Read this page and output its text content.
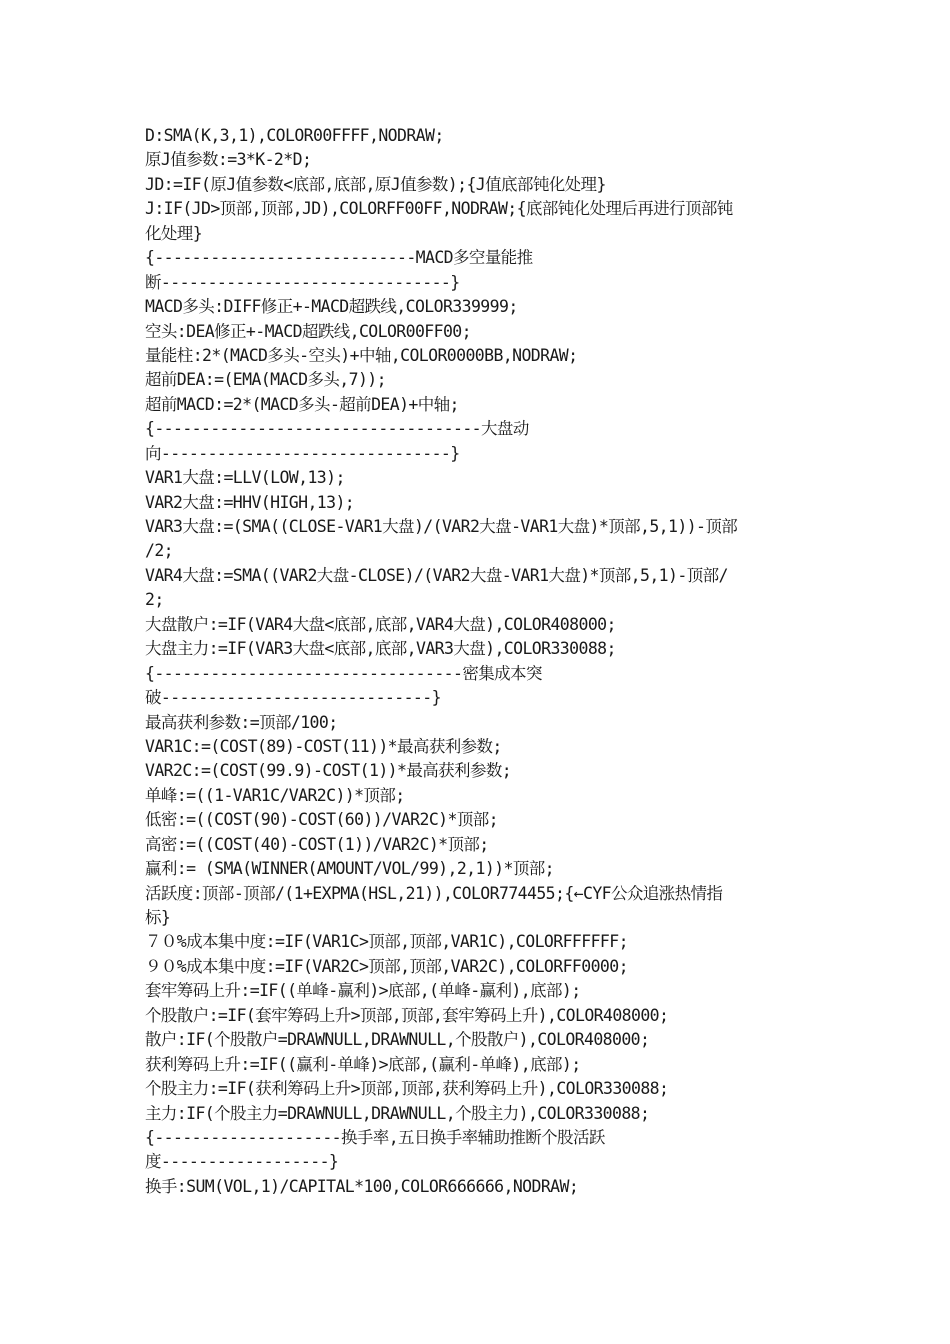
D:SMA(K,3,1),COLOR00FFFF,NODRAW;
原J值参数:=3*K-2*D;
JD:=IF(原J值参数<底部,底部,原J值参数);{J值底部钝化处理}
J:IF(JD>顶部,顶部,JD),COLORFF00FF,NODRAW;{底部钝化处理后再进行顶部钝
化处理}
{----------------------------MACD多空量能推
断-------------------------------}
MACD多头:DIFF修正+-MACD超跌线,COLOR339999;
空头:DEA修正+-MACD超跌线,COLOR00FF00;
量能柱:2*(MACD多头-空头)+中轴,COLOR0000BB,NODRAW;
超前DEA:=(EMA(MACD多头,7));
超前MACD:=2*(MACD多头-超前DEA)+中轴;
{-----------------------------------大盘动
向-------------------------------}
VAR1大盘:=LLV(LOW,13);
VAR2大盘:=HHV(HIGH,13);
VAR3大盘:=(SMA((CLOSE-VAR1大盘)/(VAR2大盘-VAR1大盘)*顶部,5,1))-顶部
/2;
VAR4大盘:=SMA((VAR2大盘-CLOSE)/(VAR2大盘-VAR1大盘)*顶部,5,1)-顶部/
2;
大盘散户:=IF(VAR4大盘<底部,底部,VAR4大盘),COLOR408000;
大盘主力:=IF(VAR3大盘<底部,底部,VAR3大盘),COLOR330088;
{---------------------------------密集成本突
破-----------------------------}
最高获利参数:=顶部/100;
VAR1C:=(COST(89)-COST(11))*最高获利参数;
VAR2C:=(COST(99.9)-COST(1))*最高获利参数;
单峰:=((1-VAR1C/VAR2C))*顶部;
低密:=((COST(90)-COST(60))/VAR2C)*顶部;
高密:=((COST(40)-COST(1))/VAR2C)*顶部;
赢利:= (SMA(WINNER(AMOUNT/VOL/99),2,1))*顶部;
活跃度:顶部-顶部/(1+EXPMA(HSL,21)),COLOR774455;{←CYF公众追涨热情指
标}
７０%成本集中度:=IF(VAR1C>顶部,顶部,VAR1C),COLORFFFFFF;
９０%成本集中度:=IF(VAR2C>顶部,顶部,VAR2C),COLORFF0000;
套牢筹码上升:=IF((单峰-赢利)>底部,(单峰-赢利),底部);
个股散户:=IF(套牢筹码上升>顶部,顶部,套牢筹码上升),COLOR408000;
散户:IF(个股散户=DRAWNULL,DRAWNULL,个股散户),COLOR408000;
获利筹码上升:=IF((赢利-单峰)>底部,(赢利-单峰),底部);
个股主力:=IF(获利筹码上升>顶部,顶部,获利筹码上升),COLOR330088;
主力:IF(个股主力=DRAWNULL,DRAWNULL,个股主力),COLOR330088;
{--------------------换手率,五日换手率辅助推断个股活跃
度------------------}
换手:SUM(VOL,1)/CAPITAL*100,COLOR666666,NODRAW;
